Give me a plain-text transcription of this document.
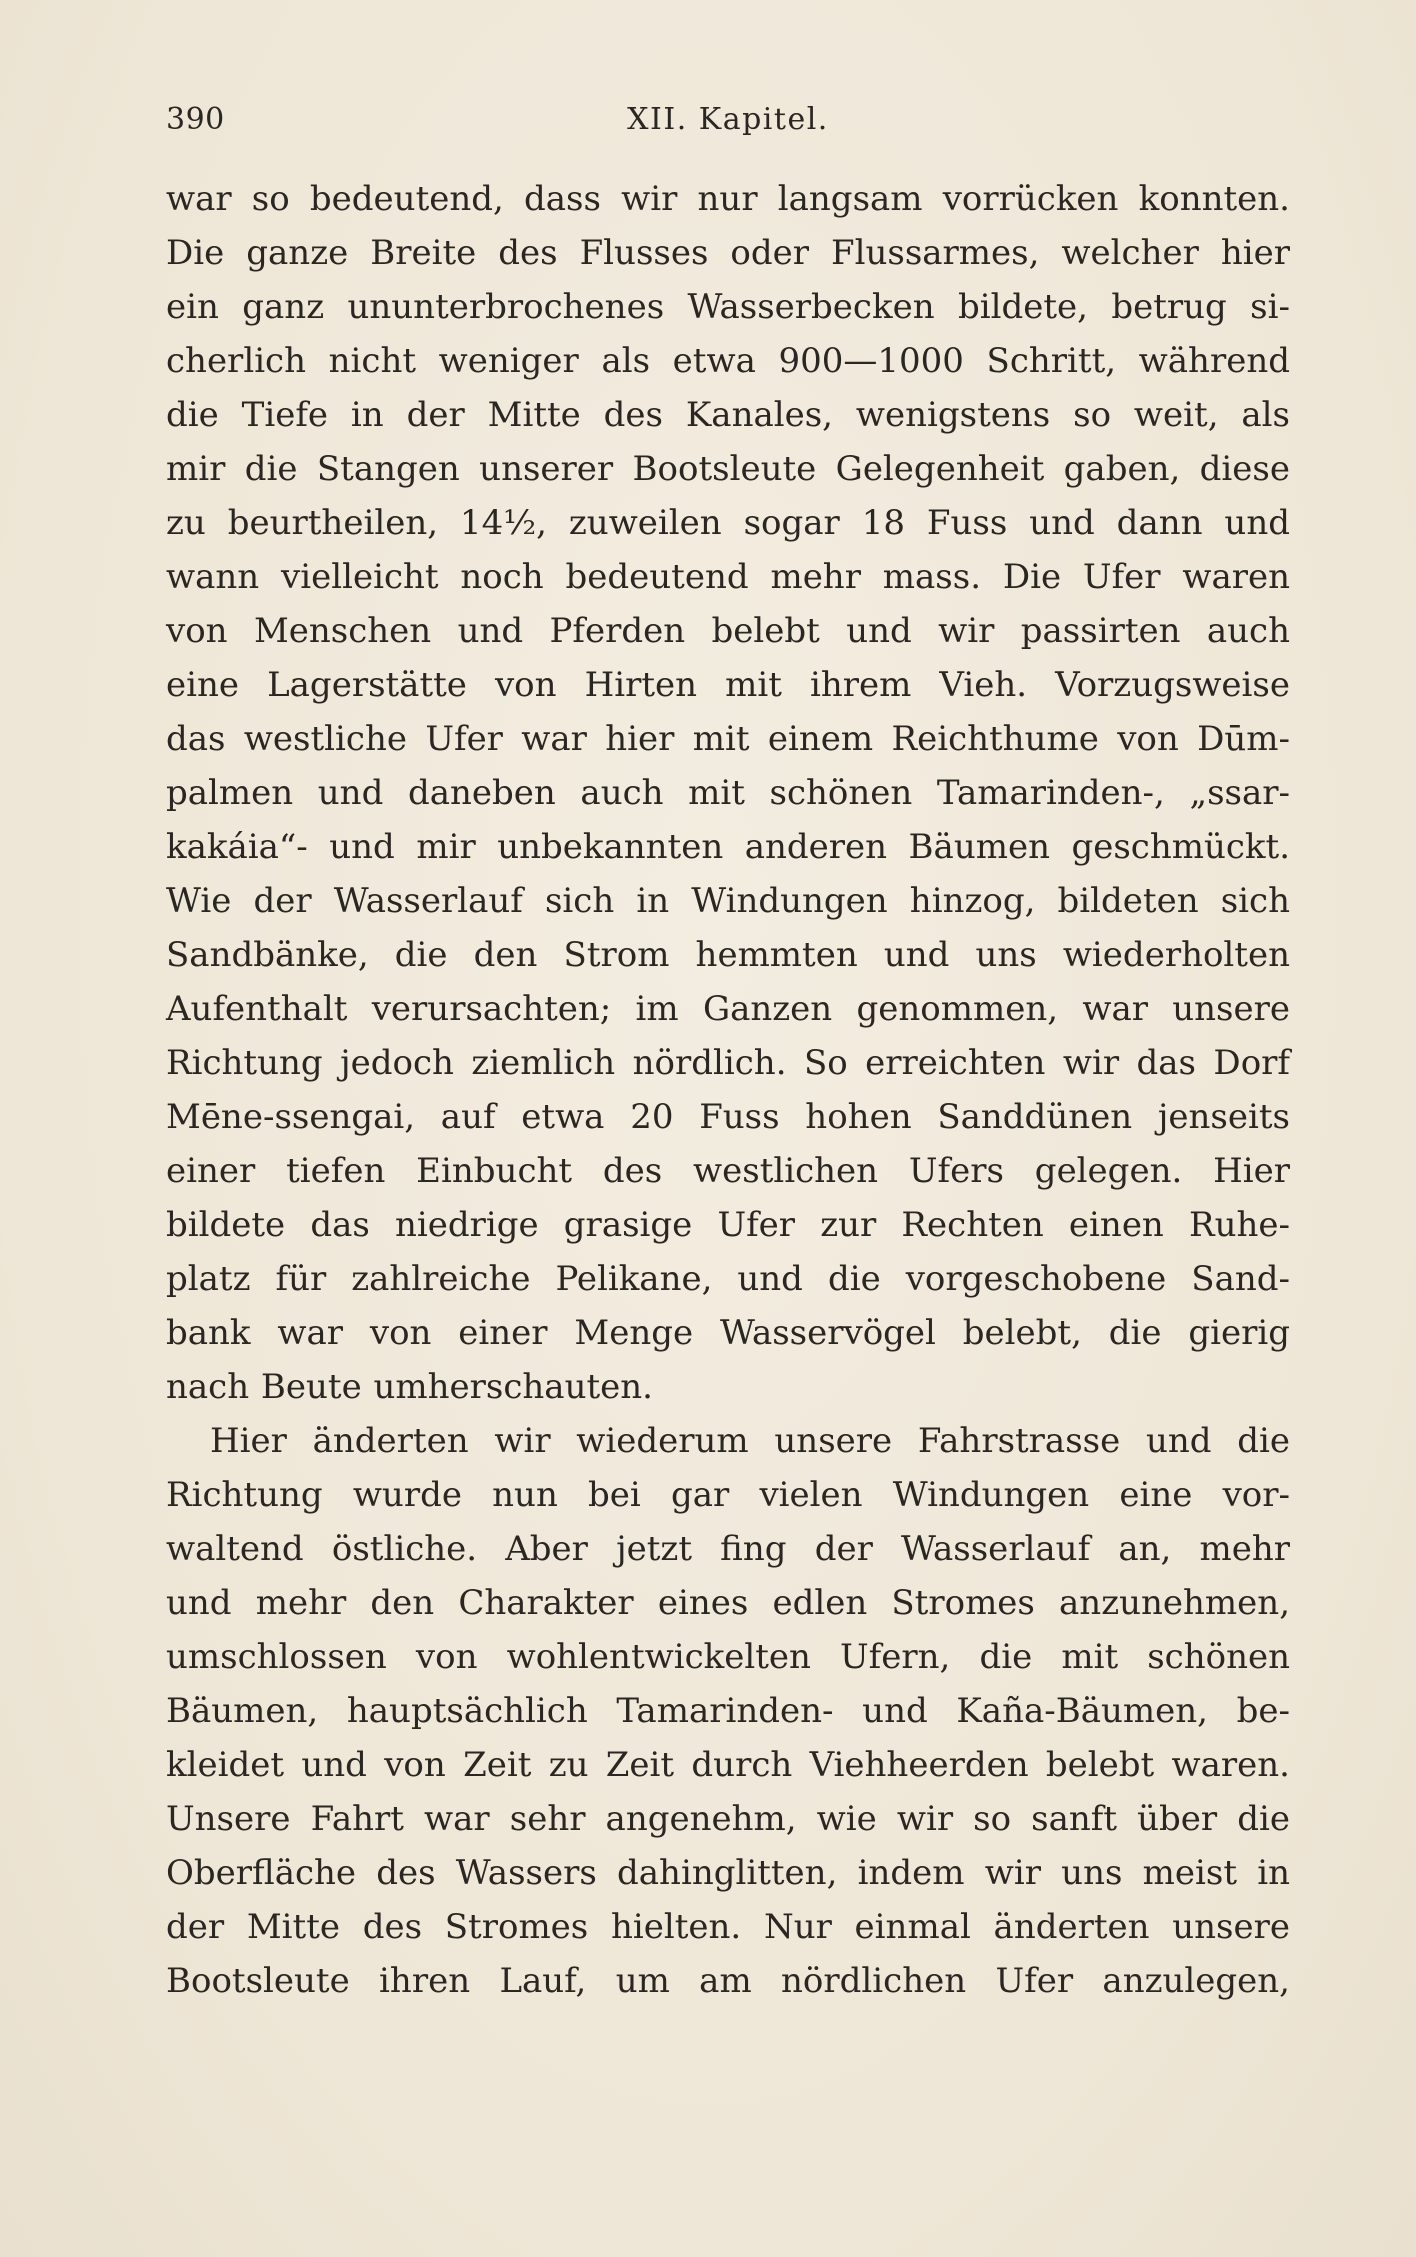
390	XII. Kapitel.
war so bedeutend, dass wir nur langsam vorrücken konnten.
Die ganze Breite des Flusses oder Flussarmes, welcher hier
ein ganz ununterbrochenes Wasserbecken bildete, betrug si-
cherlich nicht weniger als etwa 900—1000 Schritt, während
die Tiefe in der Mitte des Kanales, wenigstens so weit, als
mir die Stangen unserer Bootsleute Gelegenheit gaben, diese
zu beurtheilen, 14½, zuweilen sogar 18 Fuss und dann und
wann vielleicht noch bedeutend mehr mass. Die Ufer waren
von Menschen und Pferden belebt und wir passirten auch
eine Lagerstätte von Hirten mit ihrem Vieh. Vorzugsweise
das westliche Ufer war hier mit einem Reichthume von Dūm-
palmen und daneben auch mit schönen Tamarinden-, „ssar-
kakáia“- und mir unbekannten anderen Bäumen geschmückt.
Wie der Wasserlauf sich in Windungen hinzog, bildeten sich
Sandbänke, die den Strom hemmten und uns wiederholten
Aufenthalt verursachten; im Ganzen genommen, war unsere
Richtung jedoch ziemlich nördlich. So erreichten wir das Dorf
Mēne-ssengai, auf etwa 20 Fuss hohen Sanddünen jenseits
einer tiefen Einbucht des westlichen Ufers gelegen. Hier
bildete das niedrige grasige Ufer zur Rechten einen Ruhe-
platz für zahlreiche Pelikane, und die vorgeschobene Sand-
bank war von einer Menge Wasservögel belebt, die gierig
nach Beute umherschauten.
Hier änderten wir wiederum unsere Fahrstrasse und die
Richtung wurde nun bei gar vielen Windungen eine vor-
waltend östliche. Aber jetzt fing der Wasserlauf an, mehr
und mehr den Charakter eines edlen Stromes anzunehmen,
umschlossen von wohlentwickelten Ufern, die mit schönen
Bäumen, hauptsächlich Tamarinden- und Kaña-Bäumen, be-
kleidet und von Zeit zu Zeit durch Viehheerden belebt waren.
Unsere Fahrt war sehr angenehm, wie wir so sanft über die
Oberfläche des Wassers dahinglitten, indem wir uns meist in
der Mitte des Stromes hielten. Nur einmal änderten unsere
Bootsleute ihren Lauf, um am nördlichen Ufer anzulegen,
